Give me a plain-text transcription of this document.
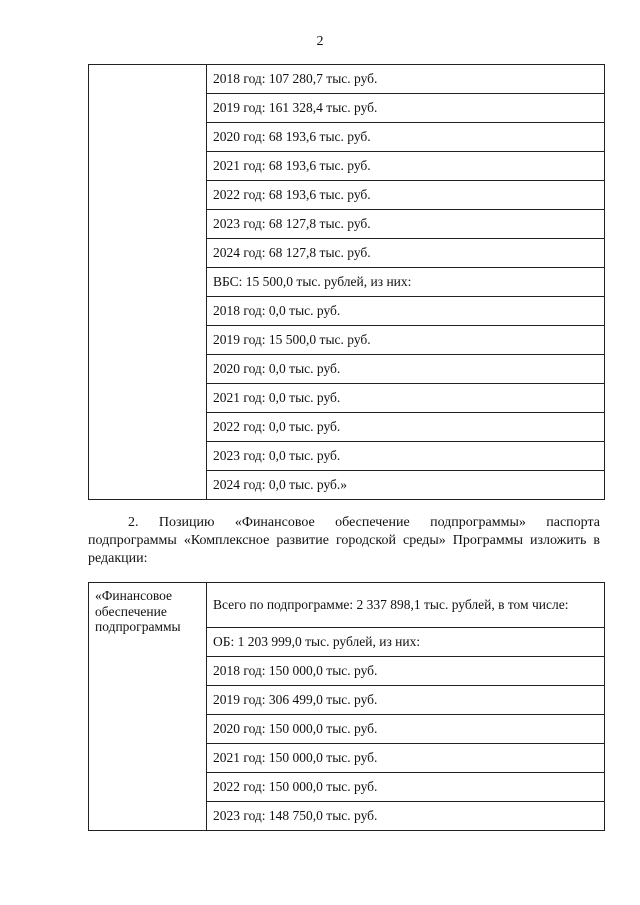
2
	2018 год: 107 280,7 тыс. руб.
2019 год: 161 328,4 тыс. руб.
2020 год: 68 193,6 тыс. руб.
2021 год: 68 193,6 тыс. руб.
2022 год: 68 193,6 тыс. руб.
2023 год: 68 127,8 тыс. руб.
2024 год: 68 127,8 тыс. руб.
ВБС: 15 500,0 тыс. рублей, из них:
2018 год: 0,0 тыс. руб.
2019 год: 15 500,0 тыс. руб.
2020 год: 0,0 тыс. руб.
2021 год: 0,0 тыс. руб.
2022 год: 0,0 тыс. руб.
2023 год: 0,0 тыс. руб.
2024 год: 0,0 тыс. руб.»
2. Позицию «Финансовое обеспечение подпрограммы» паспорта подпрограммы «Комплексное развитие городской среды» Программы изложить в редакции:
«Финансовое обеспечение подпрограммы	Всего по подпрограмме: 2 337 898,1 тыс. рублей, в том числе:
ОБ: 1 203 999,0 тыс. рублей, из них:
2018 год: 150 000,0 тыс. руб.
2019 год: 306 499,0 тыс. руб.
2020 год: 150 000,0 тыс. руб.
2021 год: 150 000,0 тыс. руб.
2022 год: 150 000,0 тыс. руб.
2023 год: 148 750,0 тыс. руб.
